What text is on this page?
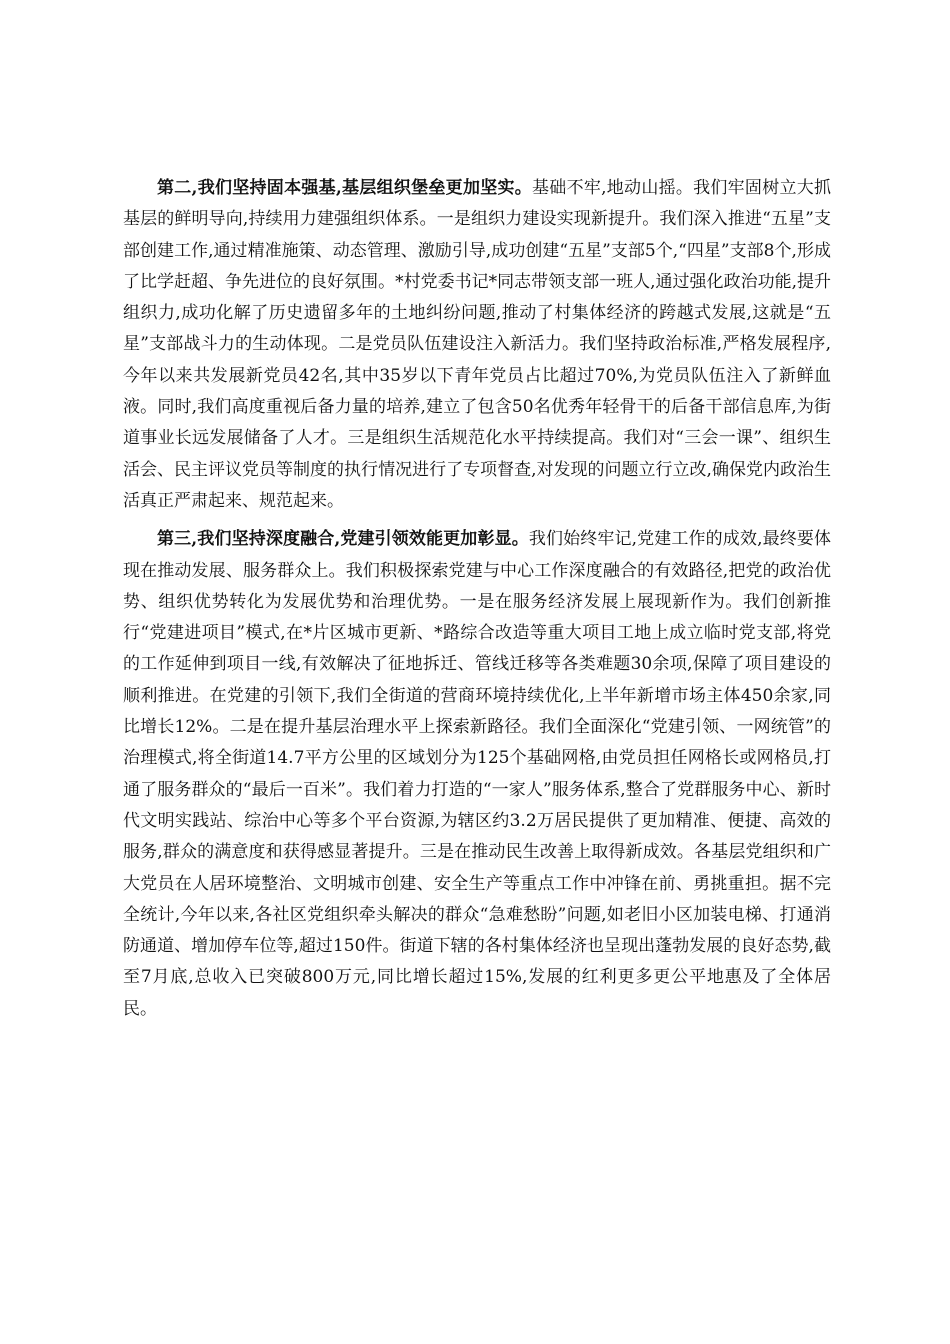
第二,我们坚持固本强基,基层组织堡垒更加坚实。基础不牢,地动山摇。我们牢固树立大抓基层的鲜明导向,持续用力建强组织体系。一是组织力建设实现新提升。我们深入推进“五星”支部创建工作,通过精准施策、动态管理、激励引导,成功创建“五星”支部5个,“四星”支部8个,形成了比学赶超、争先进位的良好氛围。*村党委书记*同志带领支部一班人,通过强化政治功能,提升组织力,成功化解了历史遗留多年的土地纠纷问题,推动了村集体经济的跨越式发展,这就是“五星”支部战斗力的生动体现。二是党员队伍建设注入新活力。我们坚持政治标准,严格发展程序,今年以来共发展新党员42名,其中35岁以下青年党员占比超过70%,为党员队伍注入了新鲜血液。同时,我们高度重视后备力量的培养,建立了包含50名优秀年轻骨干的后备干部信息库,为街道事业长远发展储备了人才。三是组织生活规范化水平持续提高。我们对“三会一课”、组织生活会、民主评议党员等制度的执行情况进行了专项督查,对发现的问题立行立改,确保党内政治生活真正严肃起来、规范起来。

第三,我们坚持深度融合,党建引领效能更加彰显。我们始终牢记,党建工作的成效,最终要体现在推动发展、服务群众上。我们积极探索党建与中心工作深度融合的有效路径,把党的政治优势、组织优势转化为发展优势和治理优势。一是在服务经济发展上展现新作为。我们创新推行“党建进项目”模式,在*片区城市更新、*路综合改造等重大项目工地上成立临时党支部,将党的工作延伸到项目一线,有效解决了征地拆迁、管线迁移等各类难题30余项,保障了项目建设的顺利推进。在党建的引领下,我们全街道的营商环境持续优化,上半年新增市场主体450余家,同比增长12%。二是在提升基层治理水平上探索新路径。我们全面深化“党建引领、一网统管”的治理模式,将全街道14.7平方公里的区域划分为125个基础网格,由党员担任网格长或网格员,打通了服务群众的“最后一百米”。我们着力打造的“一家人”服务体系,整合了党群服务中心、新时代文明实践站、综治中心等多个平台资源,为辖区约3.2万居民提供了更加精准、便捷、高效的服务,群众的满意度和获得感显著提升。三是在推动民生改善上取得新成效。各基层党组织和广大党员在人居环境整治、文明城市创建、安全生产等重点工作中冲锋在前、勇挑重担。据不完全统计,今年以来,各社区党组织牵头解决的群众“急难愁盼”问题,如老旧小区加装电梯、打通消防通道、增加停车位等,超过150件。街道下辖的各村集体经济也呈现出蓬勃发展的良好态势,截至7月底,总收入已突破800万元,同比增长超过15%,发展的红利更多更公平地惠及了全体居民。
